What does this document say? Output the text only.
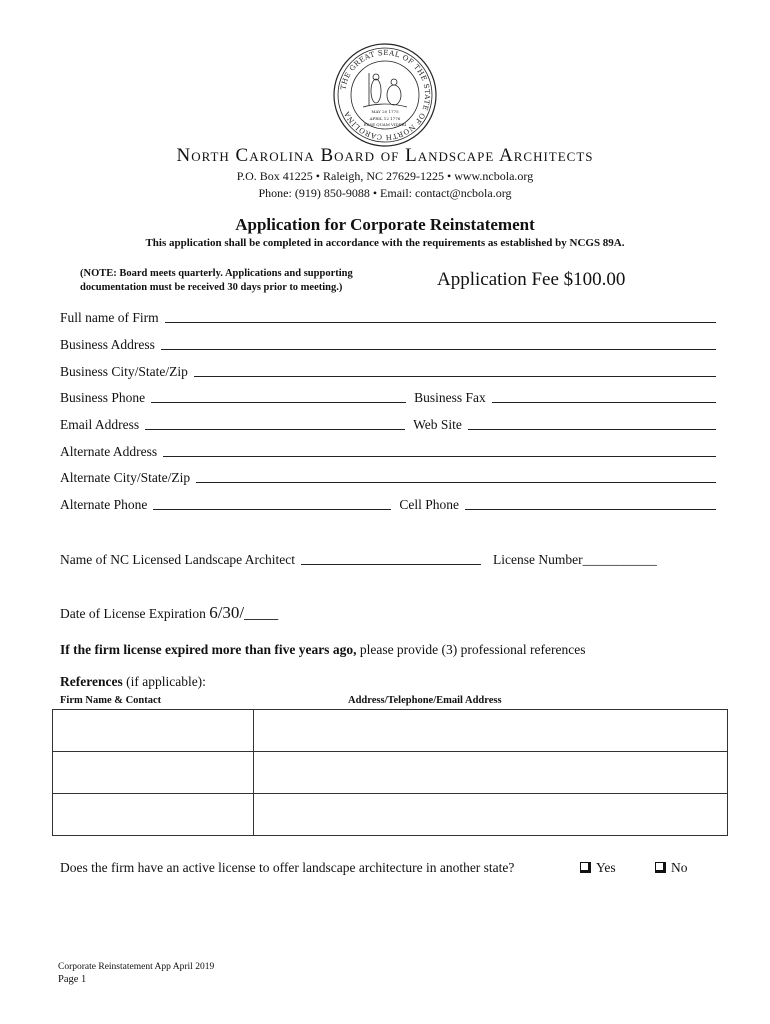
THE GREAT SEAL OF THE STATE OF NORTH CAROLINA	MAY 20 1775
APRIL 12 1776
ESSE QUAM VIDERI
North Carolina Board of Landscape Architects
P.O. Box 41225 • Raleigh, NC 27629-1225 • www.ncbola.org
Phone: (919) 850-9088 • Email: contact@ncbola.org
Application for Corporate Reinstatement
This application shall be completed in accordance with the requirements as established by NCGS 89A.
(NOTE: Board meets quarterly. Applications and supporting
documentation must be received 30 days prior to meeting.)	Application Fee $100.00
Full name of Firm
Business Address
Business City/State/Zip
Business Phone	Business Fax
Email Address	Web Site
Alternate Address
Alternate City/State/Zip
Alternate Phone	Cell Phone
Name of NC Licensed Landscape Architect	License Number ___________
Date of License Expiration 6/30/____
If the firm license expired more than five years ago, please provide (3) professional references
References (if applicable):
Firm Name & Contact	Address/Telephone/Email Address

Does the firm have an active license to offer landscape architecture in another state?	Yes	No
Corporate Reinstatement App April 2019
Page 1
